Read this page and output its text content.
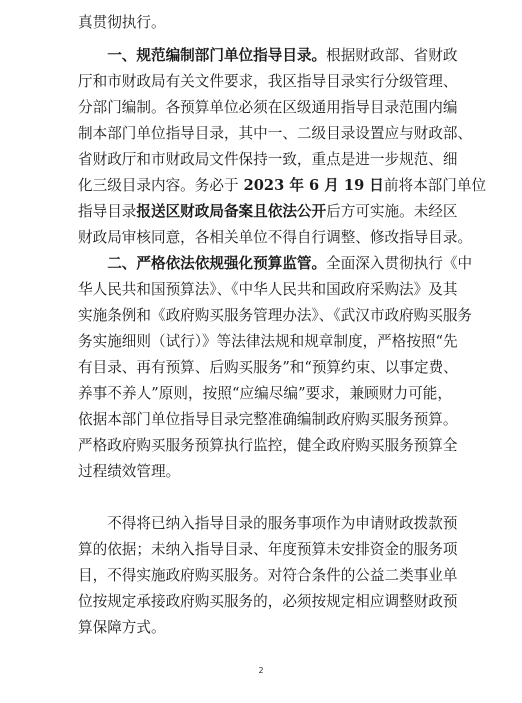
真贯彻执行。
　　一、规范编制部门单位指导目录。根据财政部、省财政
厅和市财政局有关文件要求，我区指导目录实行分级管理、
分部门编制。各预算单位必须在区级通用指导目录范围内编
制本部门单位指导目录，其中一、二级目录设置应与财政部、
省财政厅和市财政局文件保持一致，重点是进一步规范、细
化三级目录内容。务必于 2023 年 6 月 19 日前将本部门单位
指导目录报送区财政局备案且依法公开后方可实施。未经区
财政局审核同意，各相关单位不得自行调整、修改指导目录。
　　二、严格依法依规强化预算监管。全面深入贯彻执行《中
华人民共和国预算法》、《中华人民共和国政府采购法》及其
实施条例和《政府购买服务管理办法》、《武汉市政府购买服务
务实施细则（试行）》等法律法规和规章制度，严格按照“先
有目录、再有预算、后购买服务”和“预算约束、以事定费、
养事不养人”原则，按照“应编尽编”要求，兼顾财力可能，
依据本部门单位指导目录完整准确编制政府购买服务预算。
严格政府购买服务预算执行监控，健全政府购买服务预算全
过程绩效管理。
　　不得将已纳入指导目录的服务事项作为申请财政拨款预
算的依据；未纳入指导目录、年度预算未安排资金的服务项
目，不得实施政府购买服务。对符合条件的公益二类事业单
位按规定承接政府购买服务的，必须按规定相应调整财政预
算保障方式。
2
